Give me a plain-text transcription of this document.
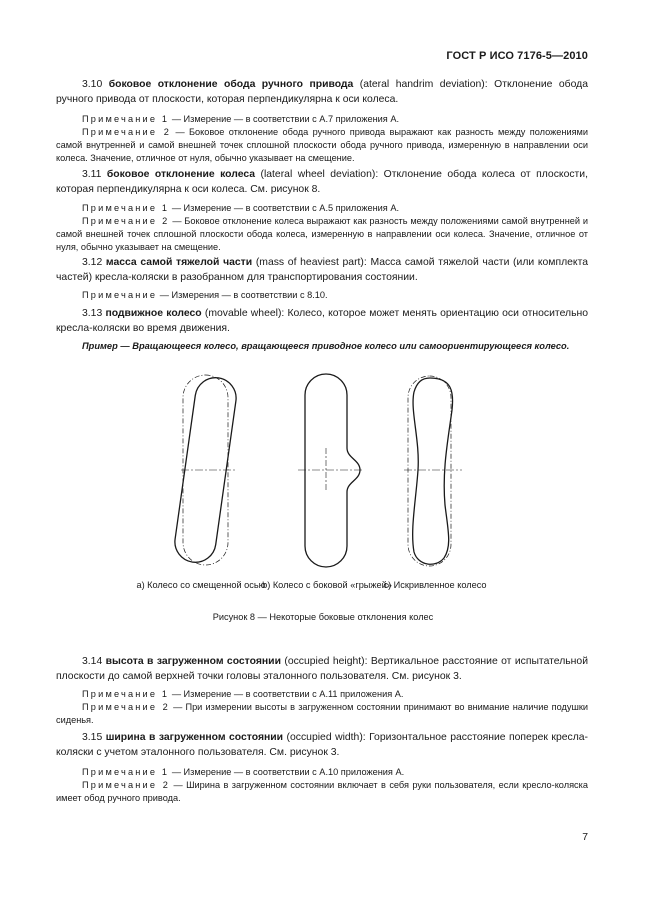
ГОСТ Р ИСО 7176-5—2010
3.10 боковое отклонение обода ручного привода (ateral handrim deviation): Отклонение обода ручного привода от плоскости, которая перпендикулярна к оси колеса.
Примечание 1 — Измерение — в соответствии с А.7 приложения А.
Примечание 2 — Боковое отклонение обода ручного привода выражают как разность между положениями самой внутренней и самой внешней точек сплошной плоскости обода ручного привода, измеренную в направлении оси колеса. Значение, отличное от нуля, обычно указывает на смещение.
3.11 боковое отклонение колеса (lateral wheel deviation): Отклонение обода колеса от плоскости, которая перпендикулярна к оси колеса. См. рисунок 8.
Примечание 1 — Измерение — в соответствии с А.5 приложения А.
Примечание 2 — Боковое отклонение колеса выражают как разность между положениями самой внутренней и самой внешней точек сплошной плоскости обода колеса, измеренную в направлении оси колеса. Значение, отличное от нуля, обычно указывает на смещение.
3.12 масса самой тяжелой части (mass of heaviest part): Масса самой тяжелой части (или комплекта частей) кресла-коляски в разобранном для транспортирования состоянии.
Примечание — Измерения — в соответствии с 8.10.
3.13 подвижное колесо (movable wheel): Колесо, которое может менять ориентацию оси относительно кресла-коляски во время движения.
Пример — Вращающееся колесо, вращающееся приводное колесо или самоориентирующееся колесо.
а) Колесо со смещенной осью
b) Колесо с боковой «грыжей»
c) Искривленное колесо
Рисунок 8 — Некоторые боковые отклонения колес
3.14 высота в загруженном состоянии (occupied height): Вертикальное расстояние от испытательной плоскости до самой верхней точки головы эталонного пользователя. См. рисунок 3.
Примечание 1 — Измерение — в соответствии с А.11 приложения А.
Примечание 2 — При измерении высоты в загруженном состоянии принимают во внимание наличие подушки сиденья.
3.15 ширина в загруженном состоянии (occupied width): Горизонтальное расстояние поперек кресла-коляски с учетом эталонного пользователя. См. рисунок 3.
Примечание 1 — Измерение — в соответствии с А.10 приложения А.
Примечание 2 — Ширина в загруженном состоянии включает в себя руки пользователя, если кресло-коляска имеет обод ручного привода.
7
